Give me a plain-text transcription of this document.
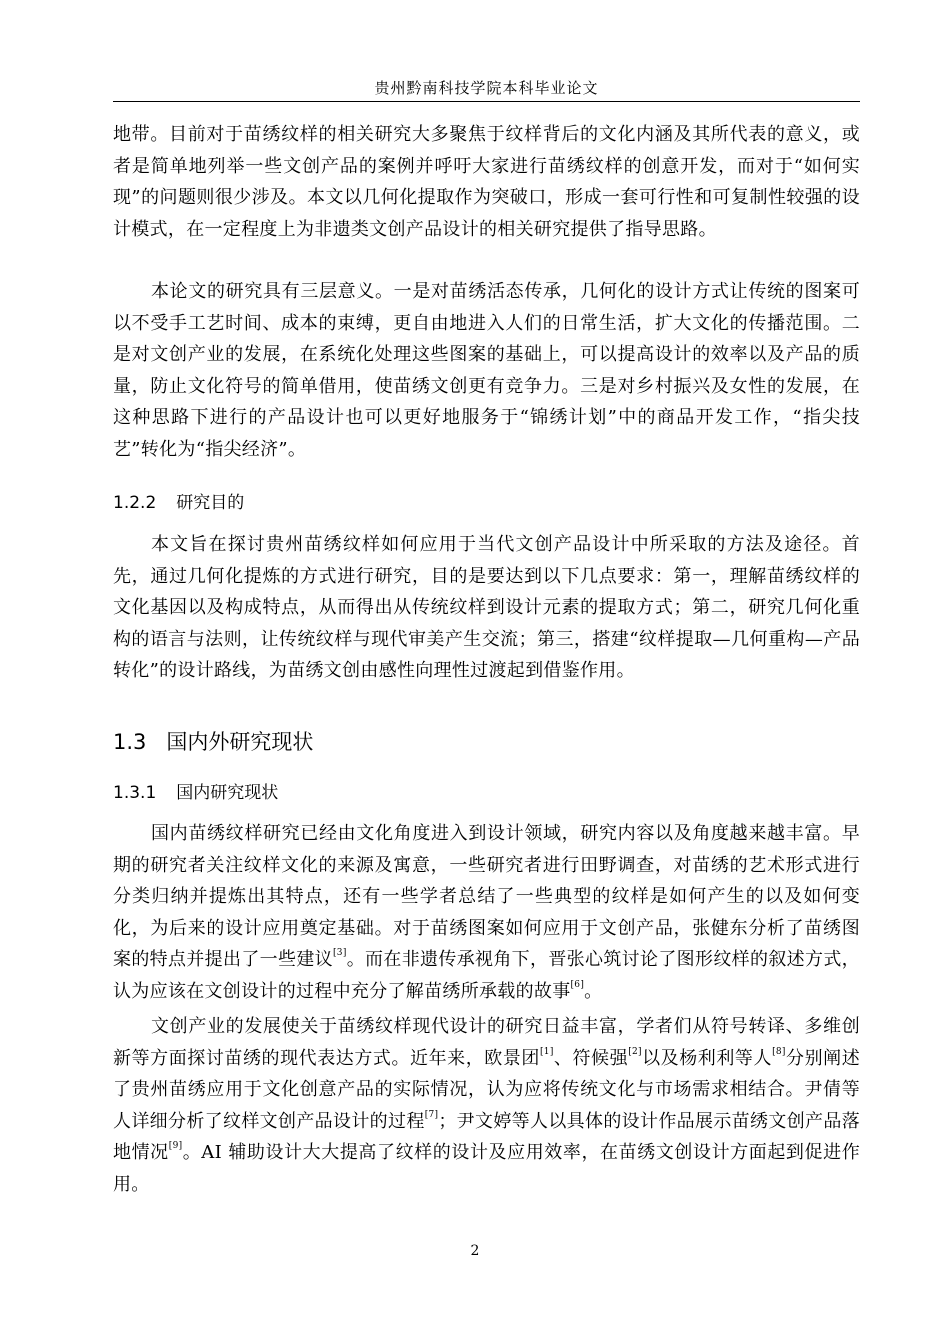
贵州黔南科技学院本科毕业论文

地带。目前对于苗绣纹样的相关研究大多聚焦于纹样背后的文化内涵及其所代表的意义，或者是简单地列举一些文创产品的案例并呼吁大家进行苗绣纹样的创意开发，而对于“如何实现”的问题则很少涉及。本文以几何化提取作为突破口，形成一套可行性和可复制性较强的设计模式，在一定程度上为非遗类文创产品设计的相关研究提供了指导思路。

本论文的研究具有三层意义。一是对苗绣活态传承，几何化的设计方式让传统的图案可以不受手工艺时间、成本的束缚，更自由地进入人们的日常生活，扩大文化的传播范围。二是对文创产业的发展，在系统化处理这些图案的基础上，可以提高设计的效率以及产品的质量，防止文化符号的简单借用，使苗绣文创更有竞争力。三是对乡村振兴及女性的发展，在这种思路下进行的产品设计也可以更好地服务于“锦绣计划”中的商品开发工作，“指尖技艺”转化为“指尖经济”。

1.2.2 研究目的

本文旨在探讨贵州苗绣纹样如何应用于当代文创产品设计中所采取的方法及途径。首先，通过几何化提炼的方式进行研究，目的是要达到以下几点要求：第一，理解苗绣纹样的文化基因以及构成特点，从而得出从传统纹样到设计元素的提取方式；第二，研究几何化重构的语言与法则，让传统纹样与现代审美产生交流；第三，搭建“纹样提取—几何重构—产品转化”的设计路线，为苗绣文创由感性向理性过渡起到借鉴作用。

1.3 国内外研究现状
1.3.1 国内研究现状

国内苗绣纹样研究已经由文化角度进入到设计领域，研究内容以及角度越来越丰富。早期的研究者关注纹样文化的来源及寓意，一些研究者进行田野调查，对苗绣的艺术形式进行分类归纳并提炼出其特点，还有一些学者总结了一些典型的纹样是如何产生的以及如何变化，为后来的设计应用奠定基础。对于苗绣图案如何应用于文创产品，张健东分析了苗绣图案的特点并提出了一些建议[3]。而在非遗传承视角下，晋张心筑讨论了图形纹样的叙述方式，认为应该在文创设计的过程中充分了解苗绣所承载的故事[6]。

文创产业的发展使关于苗绣纹样现代设计的研究日益丰富，学者们从符号转译、多维创新等方面探讨苗绣的现代表达方式。近年来，欧景团[1]、符候强[2]以及杨利利等人[8]分别阐述了贵州苗绣应用于文化创意产品的实际情况，认为应将传统文化与市场需求相结合。尹倩等人详细分析了纹样文创产品设计的过程[7]；尹文婷等人以具体的设计作品展示苗绣文创产品落地情况[9]。AI 辅助设计大大提高了纹样的设计及应用效率，在苗绣文创设计方面起到促进作用。

2
